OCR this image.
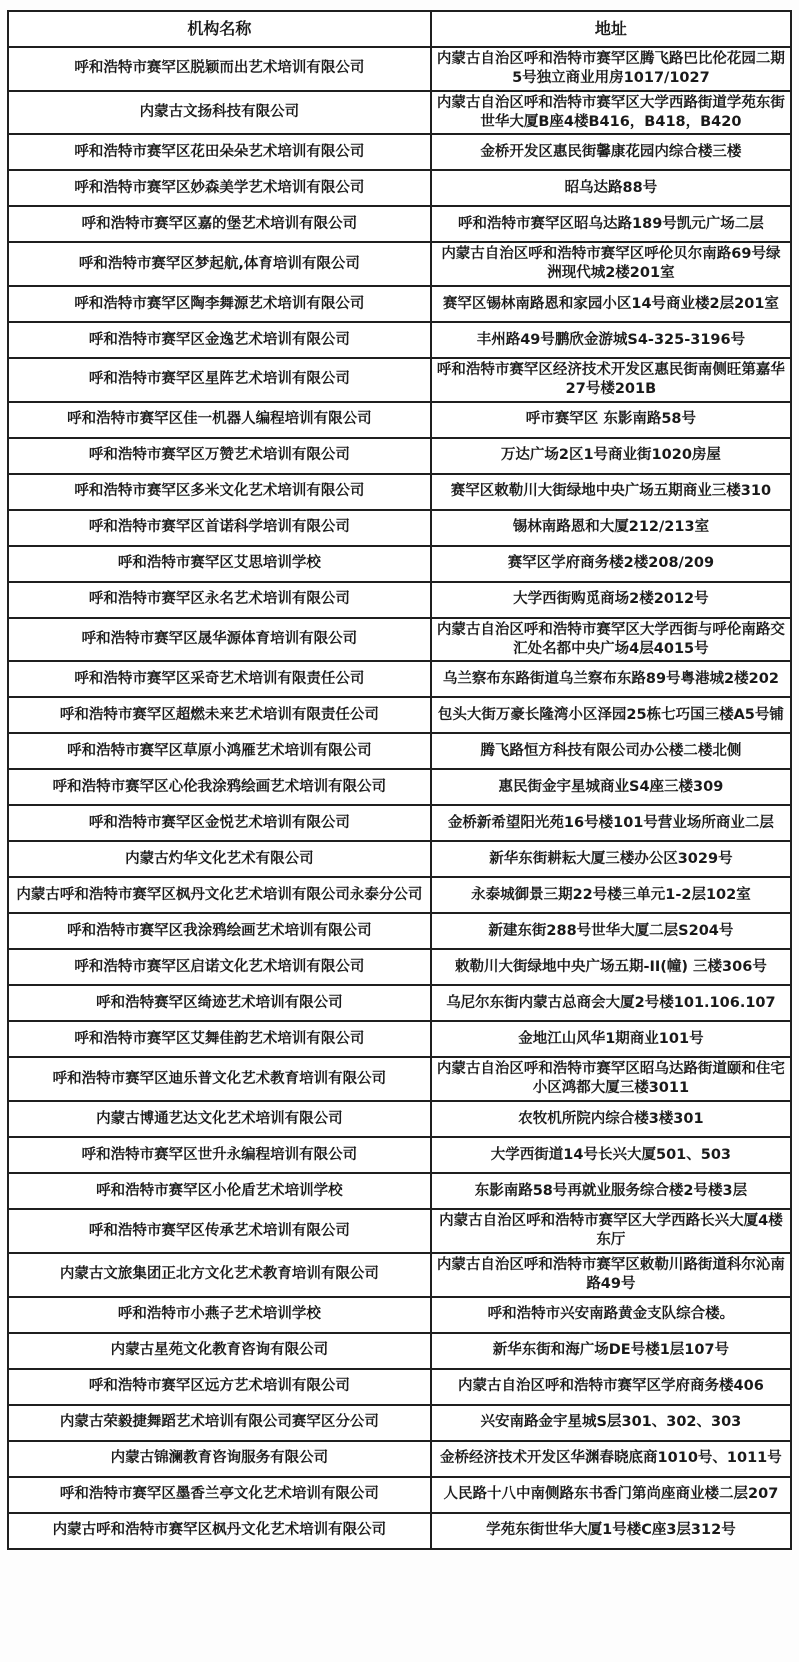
机构名称	地址
呼和浩特市赛罕区脱颖而出艺术培训有限公司	内蒙古自治区呼和浩特市赛罕区腾飞路巴比伦花园二期5号独立商业用房1017/1027
内蒙古文扬科技有限公司	内蒙古自治区呼和浩特市赛罕区大学西路街道学苑东街世华大厦B座4楼B416，B418，B420
呼和浩特市赛罕区花田朵朵艺术培训有限公司	金桥开发区惠民街馨康花园内综合楼三楼
呼和浩特市赛罕区妙森美学艺术培训有限公司	昭乌达路88号
呼和浩特市赛罕区嘉的堡艺术培训有限公司	呼和浩特市赛罕区昭乌达路189号凯元广场二层
呼和浩特市赛罕区梦起航,体育培训有限公司	内蒙古自治区呼和浩特市赛罕区呼伦贝尔南路69号绿洲现代城2楼201室
呼和浩特市赛罕区陶李舞源艺术培训有限公司	赛罕区锡林南路恩和家园小区14号商业楼2层201室
呼和浩特市赛罕区金逸艺术培训有限公司	丰州路49号鹏欣金游城S4-325-3196号
呼和浩特市赛罕区星阵艺术培训有限公司	呼和浩特市赛罕区经济技术开发区惠民街南侧旺第嘉华27号楼201B
呼和浩特市赛罕区佳一机器人编程培训有限公司	呼市赛罕区 东影南路58号
呼和浩特市赛罕区万赞艺术培训有限公司	万达广场2区1号商业街1020房屋
呼和浩特市赛罕区多米文化艺术培训有限公司	赛罕区敕勒川大街绿地中央广场五期商业三楼310
呼和浩特市赛罕区首诺科学培训有限公司	锡林南路恩和大厦212/213室
呼和浩特市赛罕区艾思培训学校	赛罕区学府商务楼2楼208/209
呼和浩特市赛罕区永名艺术培训有限公司	大学西街购觅商场2楼2012号
呼和浩特市赛罕区晟华源体育培训有限公司	内蒙古自治区呼和浩特市赛罕区大学西街与呼伦南路交汇处名都中央广场4层4015号
呼和浩特市赛罕区采奇艺术培训有限责任公司	乌兰察布东路街道乌兰察布东路89号粤港城2楼202
呼和浩特市赛罕区超燃未来艺术培训有限责任公司	包头大街万豪长隆湾小区泽园25栋七巧国三楼A5号铺
呼和浩特市赛罕区草原小鸿雁艺术培训有限公司	腾飞路恒方科技有限公司办公楼二楼北侧
呼和浩特市赛罕区心伦我涂鸦绘画艺术培训有限公司	惠民街金宇星城商业S4座三楼309
呼和浩特市赛罕区金悦艺术培训有限公司	金桥新希望阳光苑16号楼101号营业场所商业二层
内蒙古灼华文化艺术有限公司	新华东街耕耘大厦三楼办公区3029号
内蒙古呼和浩特市赛罕区枫丹文化艺术培训有限公司永泰分公司	永泰城御景三期22号楼三单元1-2层102室
呼和浩特市赛罕区我涂鸦绘画艺术培训有限公司	新建东街288号世华大厦二层S204号
呼和浩特市赛罕区启诺文化艺术培训有限公司	敕勒川大街绿地中央广场五期-II(幢) 三楼306号
呼和浩特赛罕区绮迹艺术培训有限公司	乌尼尔东街内蒙古总商会大厦2号楼101.106.107
呼和浩特市赛罕区艾舞佳韵艺术培训有限公司	金地江山风华1期商业101号
呼和浩特市赛罕区迪乐普文化艺术教育培训有限公司	内蒙古自治区呼和浩特市赛罕区昭乌达路街道颐和住宅小区鸿都大厦三楼3011
内蒙古博通艺达文化艺术培训有限公司	农牧机所院内综合楼3楼301
呼和浩特市赛罕区世升永编程培训有限公司	大学西街道14号长兴大厦501、503
呼和浩特市赛罕区小伦盾艺术培训学校	东影南路58号再就业服务综合楼2号楼3层
呼和浩特市赛罕区传承艺术培训有限公司	内蒙古自治区呼和浩特市赛罕区大学西路长兴大厦4楼东厅
内蒙古文旅集团正北方文化艺术教育培训有限公司	内蒙古自治区呼和浩特市赛罕区敕勒川路街道科尔沁南路49号
呼和浩特市小燕子艺术培训学校	呼和浩特市兴安南路黄金支队综合楼。
内蒙古星苑文化教育咨询有限公司	新华东街和海广场DE号楼1层107号
呼和浩特市赛罕区远方艺术培训有限公司	内蒙古自治区呼和浩特市赛罕区学府商务楼406
内蒙古荣毅捷舞蹈艺术培训有限公司赛罕区分公司	兴安南路金宇星城S层301、302、303
内蒙古锦澜教育咨询服务有限公司	金桥经济技术开发区华渊春晓底商1010号、1011号
呼和浩特市赛罕区墨香兰亭文化艺术培训有限公司	人民路十八中南侧路东书香门第尚座商业楼二层207
内蒙古呼和浩特市赛罕区枫丹文化艺术培训有限公司	学苑东街世华大厦1号楼C座3层312号
